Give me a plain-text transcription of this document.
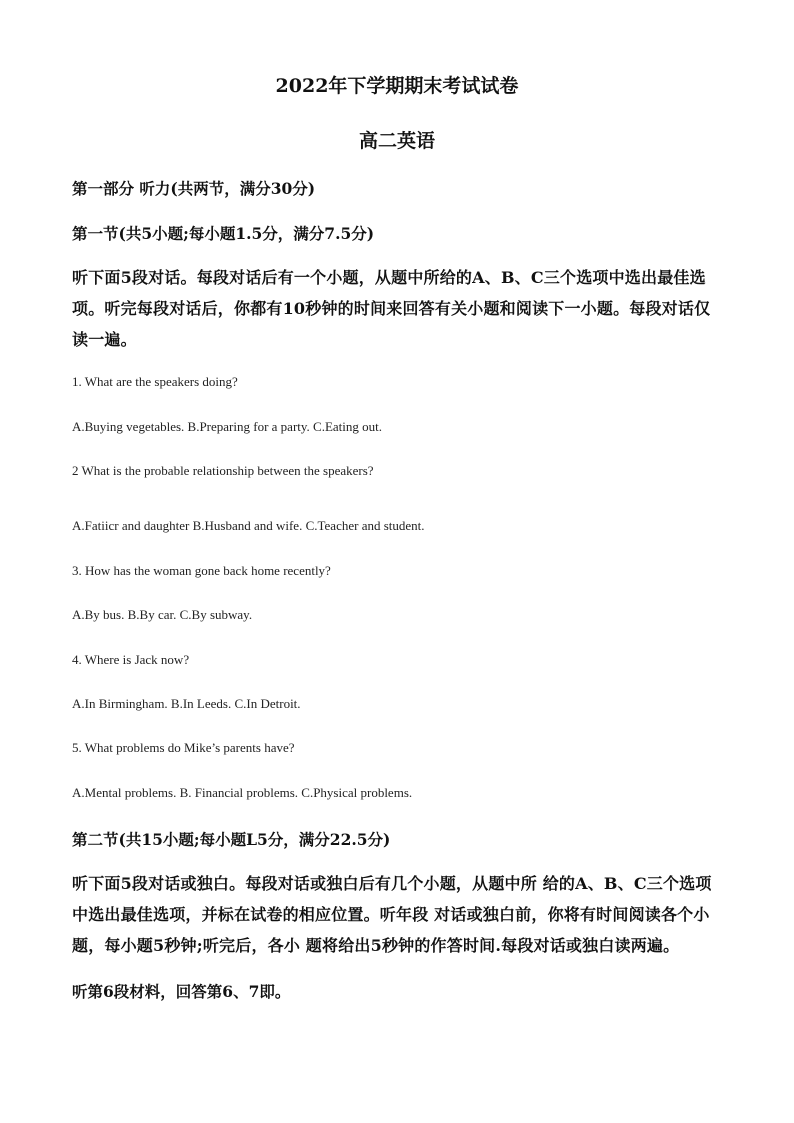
2022年下学期期末考试试卷
高二英语
第一部分 听力(共两节，满分30分)
第一节(共5小题;每小题1.5分，满分7.5分)
听下面5段对话。每段对话后有一个小题，从题中所给的A、B、C三个选项中选出最佳选项。听完每段对话后，你都有10秒钟的时间来回答有关小题和阅读下一小题。每段对话仅读一遍。
1. What are the speakers doing?
A.Buying vegetables. B.Preparing for a party. C.Eating out.
2 What is the probable relationship between the speakers?
A.Fatiicr and daughter B.Husband and wife. C.Teacher and student.
3. How has the woman gone back home recently?
A.By bus. B.By car. C.By subway.
4. Where is Jack now?
A.In Birmingham. B.In Leeds. C.In Detroit.
5. What problems do Mike’s parents have?
A.Mental problems. B. Financial problems. C.Physical problems.
第二节(共15小题;每小题L5分，满分22.5分)
听下面5段对话或独白。每段对话或独白后有几个小题，从题中所 给的A、B、C三个选项中选出最佳选项，并标在试卷的相应位置。听年段 对话或独白前，你将有时间阅读各个小题，每小题5秒钟;听完后，各小 题将给出5秒钟的作答时间.每段对话或独白读两遍。
听第6段材料，回答第6、7即。
